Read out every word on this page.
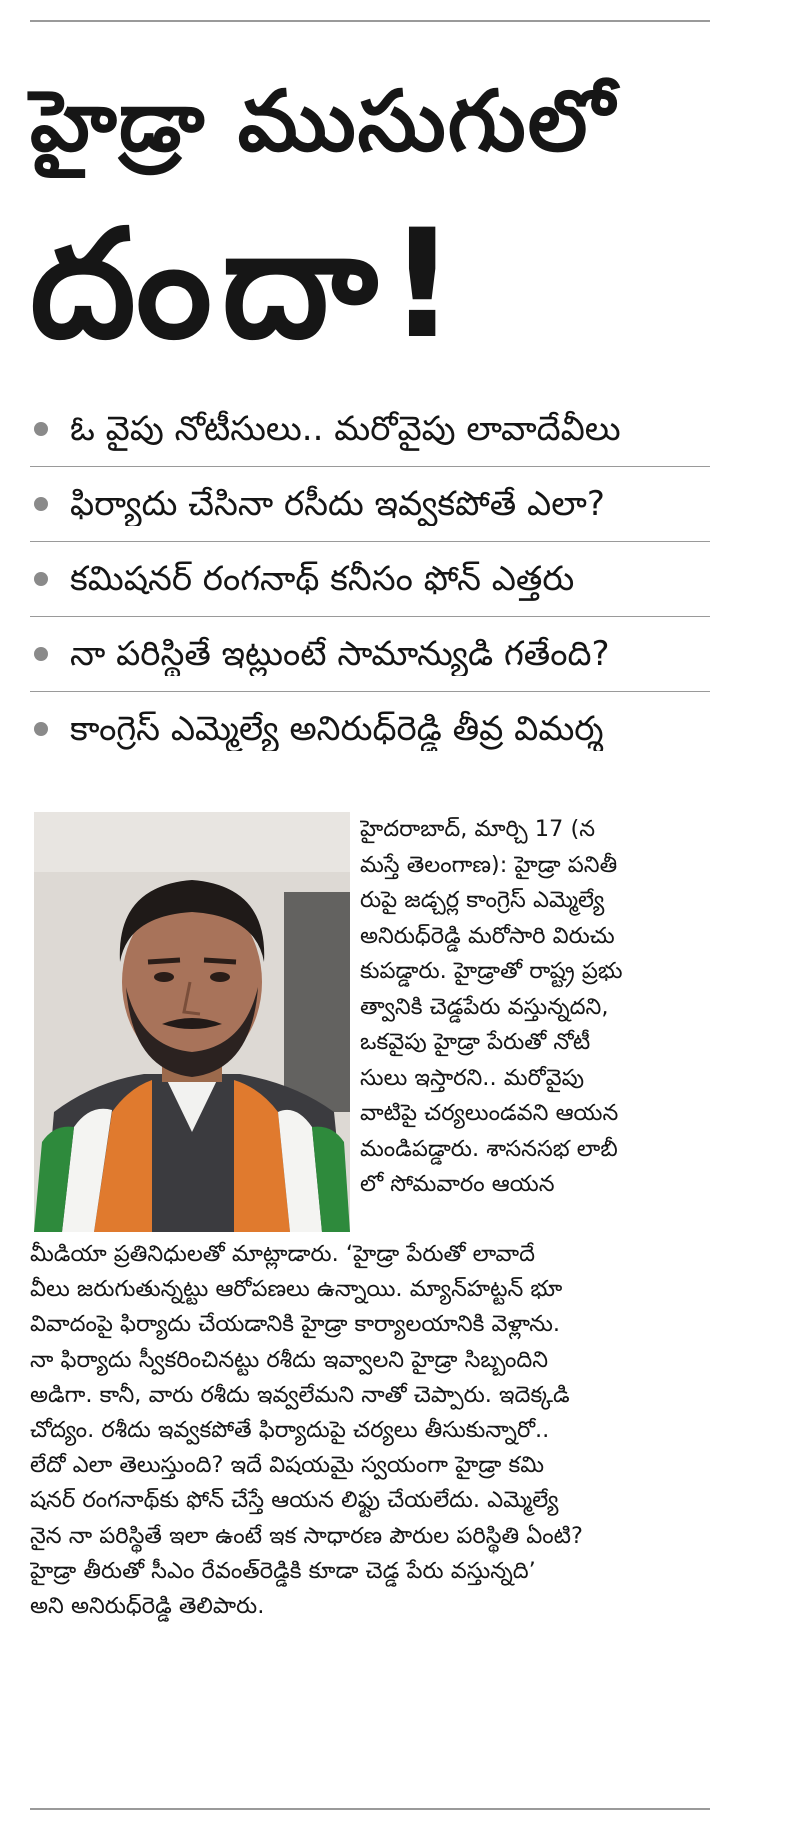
హైడ్రా ముసుగులో
దందా!
ఓ వైపు నోటీసులు.. మరోవైపు లావాదేవీలు
ఫిర్యాదు చేసినా రసీదు ఇవ్వకపోతే ఎలా?
కమిషనర్ రంగనాథ్ కనీసం ఫోన్ ఎత్తరు
నా పరిస్థితే ఇట్లుంటే సామాన్యుడి గతేంది?
కాంగ్రెస్ ఎమ్మెల్యే అనిరుధ్‌రెడ్డి తీవ్ర విమర్శ
హైదరాబాద్, మార్చి 17 (న
మస్తే తెలంగాణ): హైడ్రా పనితీ
రుపై జడ్చర్ల కాంగ్రెస్ ఎమ్మెల్యే
అనిరుధ్‌రెడ్డి మరోసారి విరుచు
కుపడ్డారు. హైడ్రాతో రాష్ట్ర ప్రభు
త్వానికి చెడ్డపేరు వస్తున్నదని,
ఒకవైపు హైడ్రా పేరుతో నోటీ
సులు ఇస్తారని.. మరోవైపు
వాటిపై చర్యలుండవని ఆయన
మండిపడ్డారు. శాసనసభ లాబీ
లో సోమవారం ఆయన
మీడియా ప్రతినిధులతో మాట్లాడారు. ‘హైడ్రా పేరుతో లావాదే
వీలు జరుగుతున్నట్టు ఆరోపణలు ఉన్నాయి. మ్యాన్‌హట్టన్ భూ
వివాదంపై ఫిర్యాదు చేయడానికి హైడ్రా కార్యాలయానికి వెళ్లాను.
నా ఫిర్యాదు స్వీకరించినట్టు రశీదు ఇవ్వాలని హైడ్రా సిబ్బందిని
అడిగా. కానీ, వారు రశీదు ఇవ్వలేమని నాతో చెప్పారు. ఇదెక్కడి
చోద్యం. రశీదు ఇవ్వకపోతే ఫిర్యాదుపై చర్యలు తీసుకున్నారో..
లేదో ఎలా తెలుస్తుంది? ఇదే విషయమై స్వయంగా హైడ్రా కమి
షనర్ రంగనాథ్‌కు ఫోన్ చేస్తే ఆయన లిఫ్టు చేయలేదు. ఎమ్మెల్యే
నైన నా పరిస్థితే ఇలా ఉంటే ఇక సాధారణ పౌరుల పరిస్థితి ఏంటి?
హైడ్రా తీరుతో సీఎం రేవంత్‌రెడ్డికి కూడా చెడ్డ పేరు వస్తున్నది’
అని అనిరుధ్‌రెడ్డి తెలిపారు.
